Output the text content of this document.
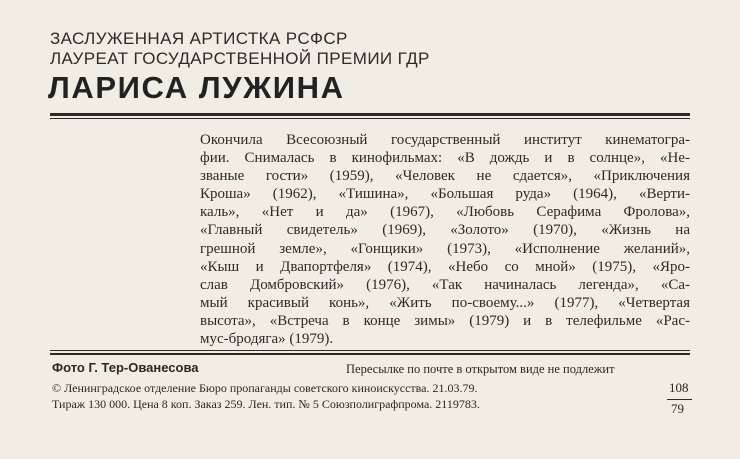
ЗАСЛУЖЕННАЯ АРТИСТКА РСФСР
ЛАУРЕАТ ГОСУДАРСТВЕННОЙ ПРЕМИИ ГДР
ЛАРИСА ЛУЖИНА
Окончила Всесоюзный государственный институт кинематогра-
фии. Снималась в кинофильмах: «В дождь и в солнце», «Не-
званые гости» (1959), «Человек не сдается», «Приключения
Кроша» (1962), «Тишина», «Большая руда» (1964), «Верти-
каль», «Нет и да» (1967), «Любовь Серафима Фролова»,
«Главный свидетель» (1969), «Золото» (1970), «Жизнь на
грешной земле», «Гонщики» (1973), «Исполнение желаний»,
«Кыш и Двапортфеля» (1974), «Небо со мной» (1975), «Яро-
слав Домбровский» (1976), «Так начиналась легенда», «Са-
мый красивый конь», «Жить по-своему...» (1977), «Четвертая
высота», «Встреча в конце зимы» (1979) и в телефильме «Рас-
мус-бродяга» (1979).
Фото Г. Тер-Ованесова	Пересылке по почте в открытом виде не подлежит
© Ленинградское отделение Бюро пропаганды советского киноискусства. 21.03.79.
Тираж 130 000. Цена 8 коп. Заказ 259. Лен. тип. № 5 Союзполиграфпрома. 2119783.
108
79
